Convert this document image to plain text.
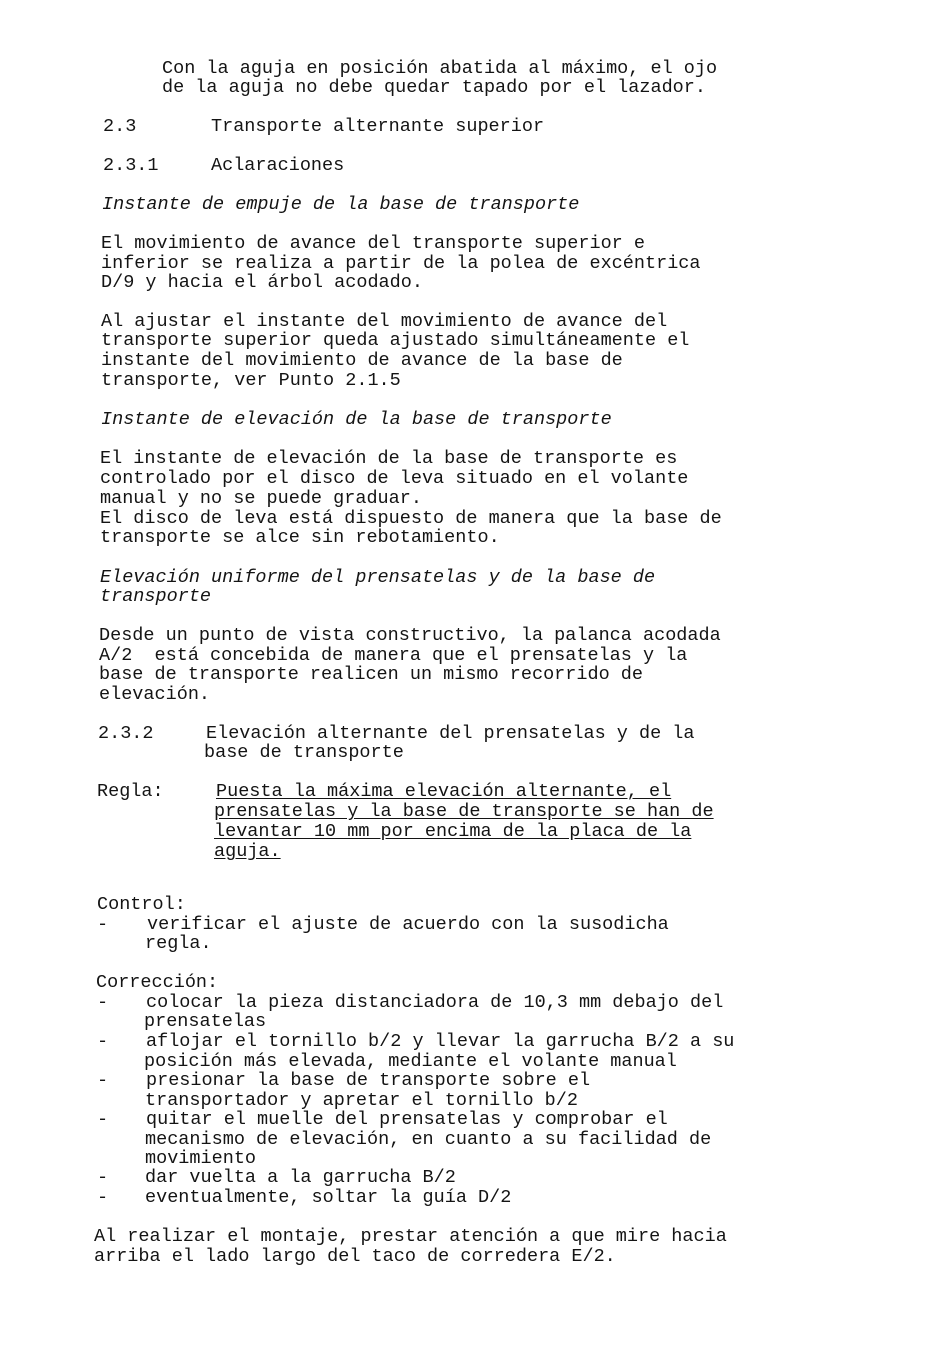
Con la aguja en posición abatida al máximo, el ojo
de la aguja no debe quedar tapado por el lazador.
2.3	Transporte alternante superior
2.3.1	Aclaraciones
Instante de empuje de la base de transporte
El movimiento de avance del transporte superior e
inferior se realiza a partir de la polea de excéntrica
D/9 y hacia el árbol acodado.
Al ajustar el instante del movimiento de avance del
transporte superior queda ajustado simultáneamente el
instante del movimiento de avance de la base de
transporte, ver Punto 2.1.5
Instante de elevación de la base de transporte
El instante de elevación de la base de transporte es
controlado por el disco de leva situado en el volante
manual y no se puede graduar.
El disco de leva está dispuesto de manera que la base de
transporte se alce sin rebotamiento.
Elevación uniforme del prensatelas y de la base de
transporte
Desde un punto de vista constructivo, la palanca acodada
A/2  está concebida de manera que el prensatelas y la
base de transporte realicen un mismo recorrido de
elevación.
2.3.2	Elevación alternante del prensatelas y de la
base de transporte
Regla:	Puesta la máxima elevación alternante, el
prensatelas y la base de transporte se han de
levantar 10 mm por encima de la placa de la
aguja.
Control:
- verificar el ajuste de acuerdo con la susodicha
regla.
Corrección:
- colocar la pieza distanciadora de 10,3 mm debajo del
prensatelas
- aflojar el tornillo b/2 y llevar la garrucha B/2 a su
posición más elevada, mediante el volante manual
- presionar la base de transporte sobre el
transportador y apretar el tornillo b/2
- quitar el muelle del prensatelas y comprobar el
mecanismo de elevación, en cuanto a su facilidad de
movimiento
- dar vuelta a la garrucha B/2
- eventualmente, soltar la guía D/2
Al realizar el montaje, prestar atención a que mire hacia
arriba el lado largo del taco de corredera E/2.
